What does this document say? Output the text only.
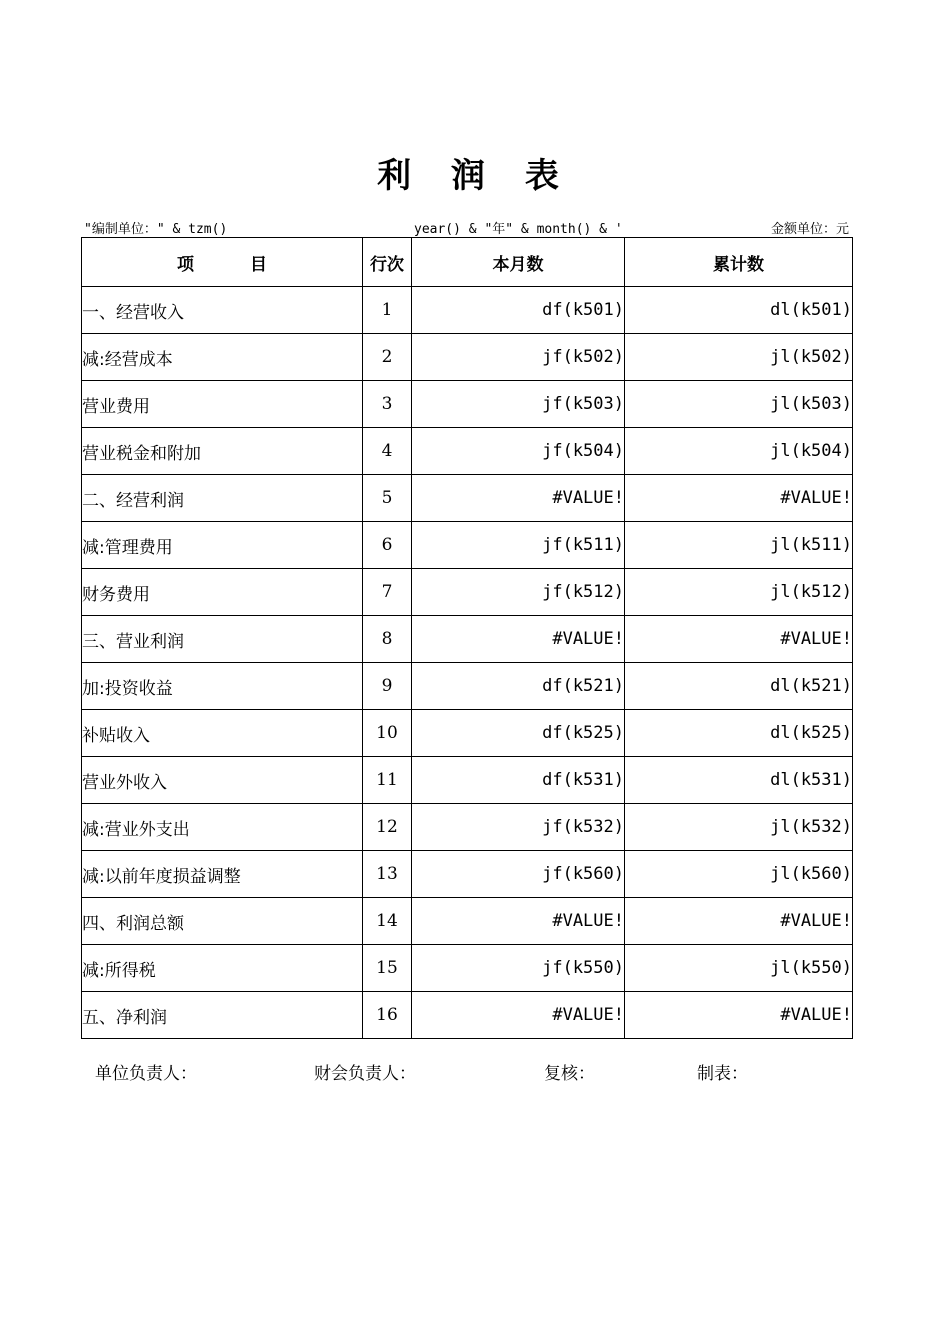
利 润 表
"编制单位：" & tzm()	year() & "年" & month() & '	金额单位：元
项 目	行次	本月数	累计数
一、经营收入	1	df(k501)	dl(k501)
减:经营成本	2	jf(k502)	jl(k502)
营业费用	3	jf(k503)	jl(k503)
营业税金和附加	4	jf(k504)	jl(k504)
二、经营利润	5	#VALUE!	#VALUE!
减:管理费用	6	jf(k511)	jl(k511)
财务费用	7	jf(k512)	jl(k512)
三、营业利润	8	#VALUE!	#VALUE!
加:投资收益	9	df(k521)	dl(k521)
补贴收入	10	df(k525)	dl(k525)
营业外收入	11	df(k531)	dl(k531)
减:营业外支出	12	jf(k532)	jl(k532)
减:以前年度损益调整	13	jf(k560)	jl(k560)
四、利润总额	14	#VALUE!	#VALUE!
减:所得税	15	jf(k550)	jl(k550)
五、净利润	16	#VALUE!	#VALUE!
单位负责人：	财会负责人：	复核：	制表：
